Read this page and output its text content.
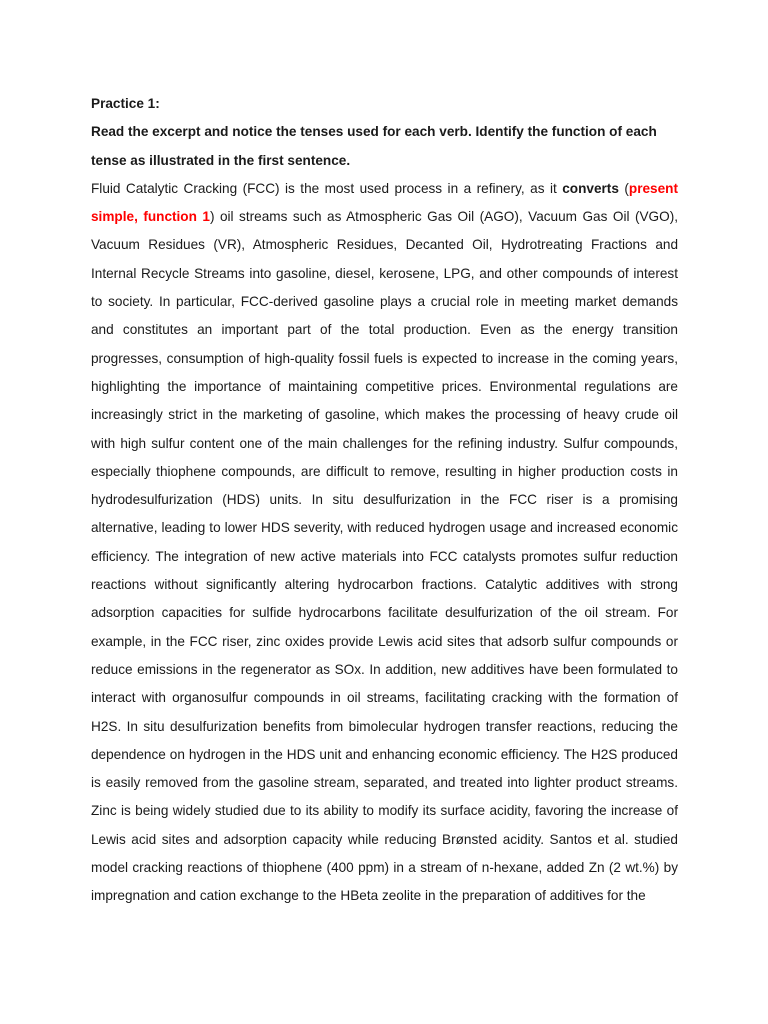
Practice 1:

Read the excerpt and notice the tenses used for each verb. Identify the function of each tense as illustrated in the first sentence.

Fluid Catalytic Cracking (FCC) is the most used process in a refinery, as it converts (present simple, function 1) oil streams such as Atmospheric Gas Oil (AGO), Vacuum Gas Oil (VGO), Vacuum Residues (VR), Atmospheric Residues, Decanted Oil, Hydrotreating Fractions and Internal Recycle Streams into gasoline, diesel, kerosene, LPG, and other compounds of interest to society. In particular, FCC-derived gasoline plays a crucial role in meeting market demands and constitutes an important part of the total production. Even as the energy transition progresses, consumption of high-quality fossil fuels is expected to increase in the coming years, highlighting the importance of maintaining competitive prices. Environmental regulations are increasingly strict in the marketing of gasoline, which makes the processing of heavy crude oil with high sulfur content one of the main challenges for the refining industry. Sulfur compounds, especially thiophene compounds, are difficult to remove, resulting in higher production costs in hydrodesulfurization (HDS) units. In situ desulfurization in the FCC riser is a promising alternative, leading to lower HDS severity, with reduced hydrogen usage and increased economic efficiency. The integration of new active materials into FCC catalysts promotes sulfur reduction reactions without significantly altering hydrocarbon fractions. Catalytic additives with strong adsorption capacities for sulfide hydrocarbons facilitate desulfurization of the oil stream. For example, in the FCC riser, zinc oxides provide Lewis acid sites that adsorb sulfur compounds or reduce emissions in the regenerator as SOx. In addition, new additives have been formulated to interact with organosulfur compounds in oil streams, facilitating cracking with the formation of H2S. In situ desulfurization benefits from bimolecular hydrogen transfer reactions, reducing the dependence on hydrogen in the HDS unit and enhancing economic efficiency. The H2S produced is easily removed from the gasoline stream, separated, and treated into lighter product streams. Zinc is being widely studied due to its ability to modify its surface acidity, favoring the increase of Lewis acid sites and adsorption capacity while reducing Brønsted acidity. Santos et al. studied model cracking reactions of thiophene (400 ppm) in a stream of n-hexane, added Zn (2 wt.%) by impregnation and cation exchange to the HBeta zeolite in the preparation of additives for the
